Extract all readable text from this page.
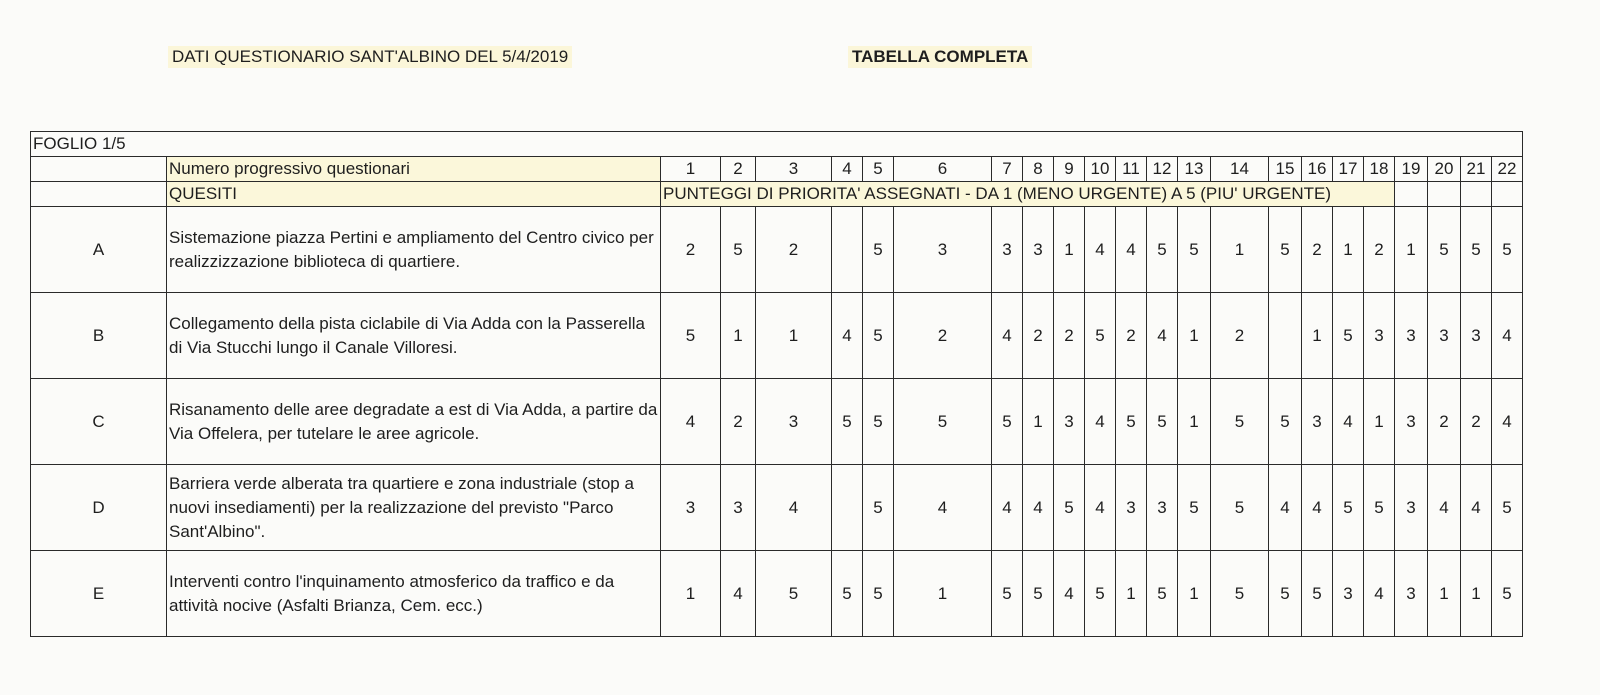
DATI QUESTIONARIO SANT'ALBINO DEL 5/4/2019	TABELLA COMPLETA
FOGLIO 1/5																							
	Numero progressivo questionari	1	2	3	4	5	6	7	8	9	10	11	12	13	14	15	16	17	18	19	20	21	22
	QUESITI	PUNTEGGI DI PRIORITA' ASSEGNATI - DA 1 (MENO URGENTE) A 5 (PIU' URGENTE)																					
A	Sistemazione piazza Pertini e ampliamento del Centro civico per realizzizzazione biblioteca di quartiere.	2	5	2		5	3	3	3	1	4	4	5	5	1	5	2	1	2	1	5	5	5
B	Collegamento della pista ciclabile di Via Adda con la Passerella di Via Stucchi lungo il Canale Villoresi.	5	1	1	4	5	2	4	2	2	5	2	4	1	2		1	5	3	3	3	3	4
C	Risanamento delle aree degradate a est di Via Adda, a partire da Via Offelera, per tutelare le aree agricole.	4	2	3	5	5	5	5	1	3	4	5	5	1	5	5	3	4	1	3	2	2	4
D	Barriera verde alberata tra quartiere e zona industriale (stop a nuovi insediamenti) per la realizzazione del previsto "Parco Sant'Albino".	3	3	4		5	4	4	4	5	4	3	3	5	5	4	4	5	5	3	4	4	5
E	Interventi contro l'inquinamento atmosferico da traffico e da attività nocive (Asfalti Brianza, Cem. ecc.)	1	4	5	5	5	1	5	5	4	5	1	5	1	5	5	5	3	4	3	1	1	5
